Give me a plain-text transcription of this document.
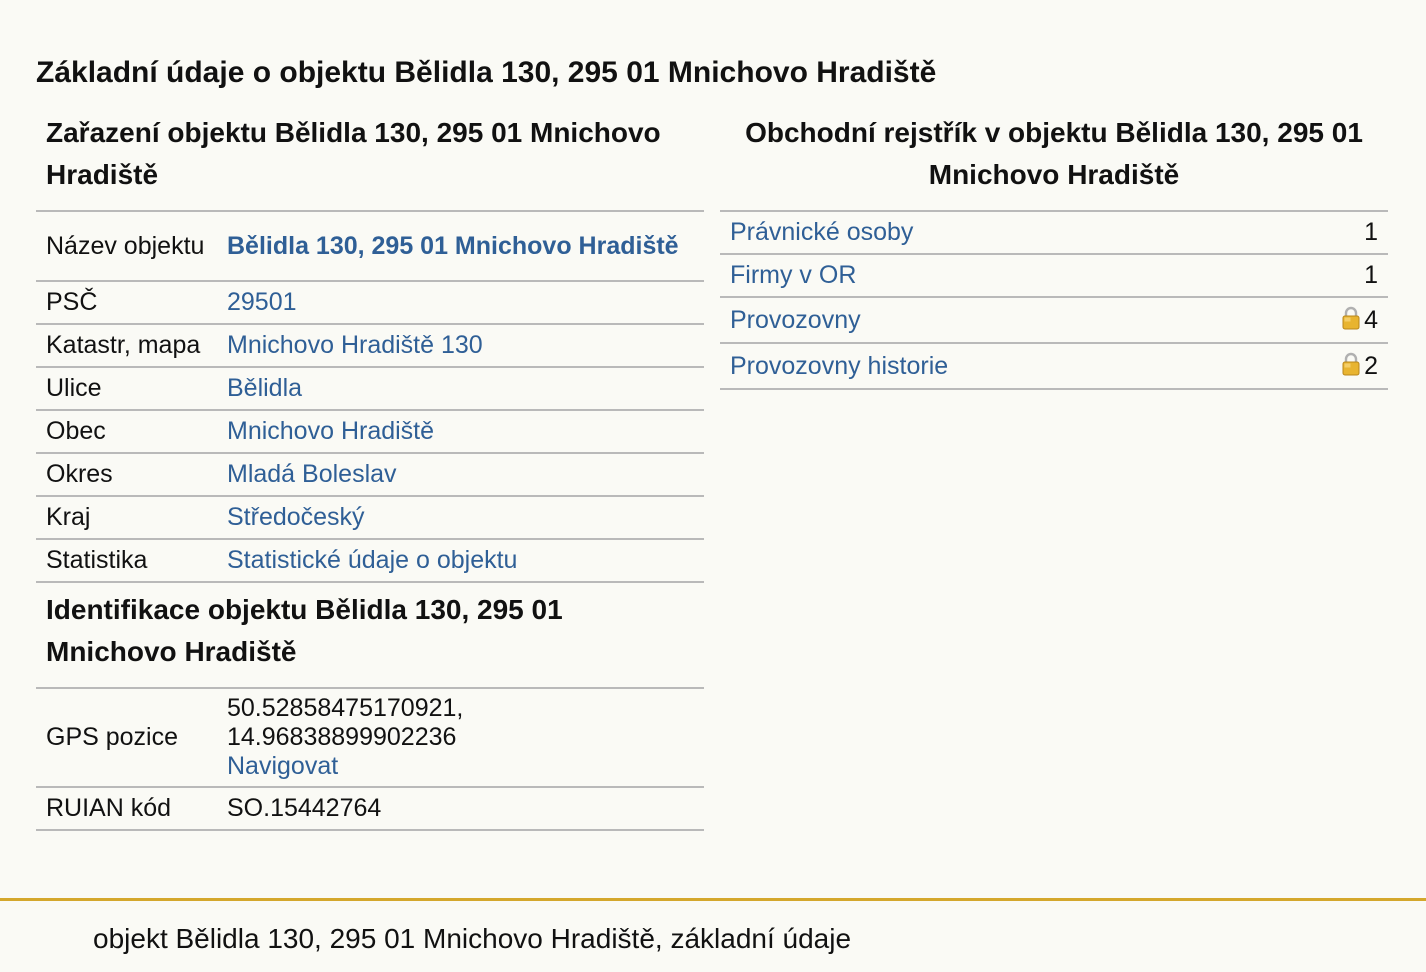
Základní údaje o objektu Bělidla 130, 295 01 Mnichovo Hradiště
Zařazení objektu Bělidla 130, 295 01 Mnichovo Hradiště
Název objektu	Bělidla 130, 295 01 Mnichovo Hradiště
PSČ	29501
Katastr, mapa	Mnichovo Hradiště 130
Ulice	Bělidla
Obec	Mnichovo Hradiště
Okres	Mladá Boleslav
Kraj	Středočeský
Statistika	Statistické údaje o objektu
Identifikace objektu Bělidla 130, 295 01 Mnichovo Hradiště
GPS pozice	50.52858475170921,
14.96838899902236
Navigovat
RUIAN kód	SO.15442764
Obchodní rejstřík v objektu Bělidla 130, 295 01 Mnichovo Hradiště
Právnické osoby	1
Firmy v OR	1
Provozovny	4
Provozovny historie	2
objekt Bělidla 130, 295 01 Mnichovo Hradiště, základní údaje
